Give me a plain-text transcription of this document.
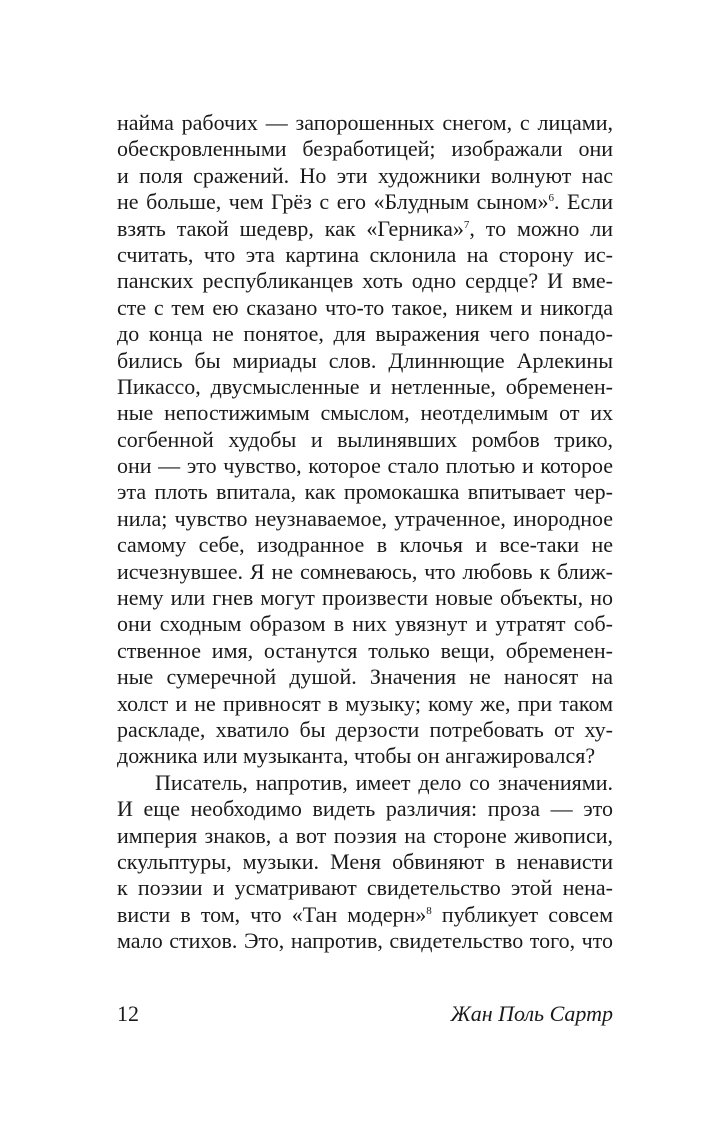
найма рабочих — запорошенных снегом, с лицами,
обескровленными безработицей; изображали они
и поля сражений. Но эти художники волнуют нас
не больше, чем Грёз с его «Блудным сыном»$^6$. Если
взять такой шедевр, как «Герника»$^7$, то можно ли
считать, что эта картина склонила на сторону ис-
панских республиканцев хоть одно сердце? И вме-
сте с тем ею сказано что-то такое, никем и никогда
до конца не понятое, для выражения чего понадо-
бились бы мириады слов. Длиннющие Арлекины
Пикассо, двусмысленные и нетленные, обременен-
ные непостижимым смыслом, неотделимым от их
согбенной худобы и вылинявших ромбов трико,
они — это чувство, которое стало плотью и которое
эта плоть впитала, как промокашка впитывает чер-
нила; чувство неузнаваемое, утраченное, инородное
самому себе, изодранное в клочья и все-таки не
исчезнувшее. Я не сомневаюсь, что любовь к ближ-
нему или гнев могут произвести новые объекты, но
они сходным образом в них увязнут и утратят соб-
ственное имя, останутся только вещи, обременен-
ные сумеречной душой. Значения не наносят на
холст и не привносят в музыку; кому же, при таком
раскладе, хватило бы дерзости потребовать от ху-
дожника или музыканта, чтобы он ангажировался?
Писатель, напротив, имеет дело со значениями.
И еще необходимо видеть различия: проза — это
империя знаков, а вот поэзия на стороне живописи,
скульптуры, музыки. Меня обвиняют в ненависти
к поэзии и усматривают свидетельство этой нена-
висти в том, что «Тан модерн»$^8$ публикует совсем
мало стихов. Это, напротив, свидетельство того, что
12	Жан Поль Сартр
